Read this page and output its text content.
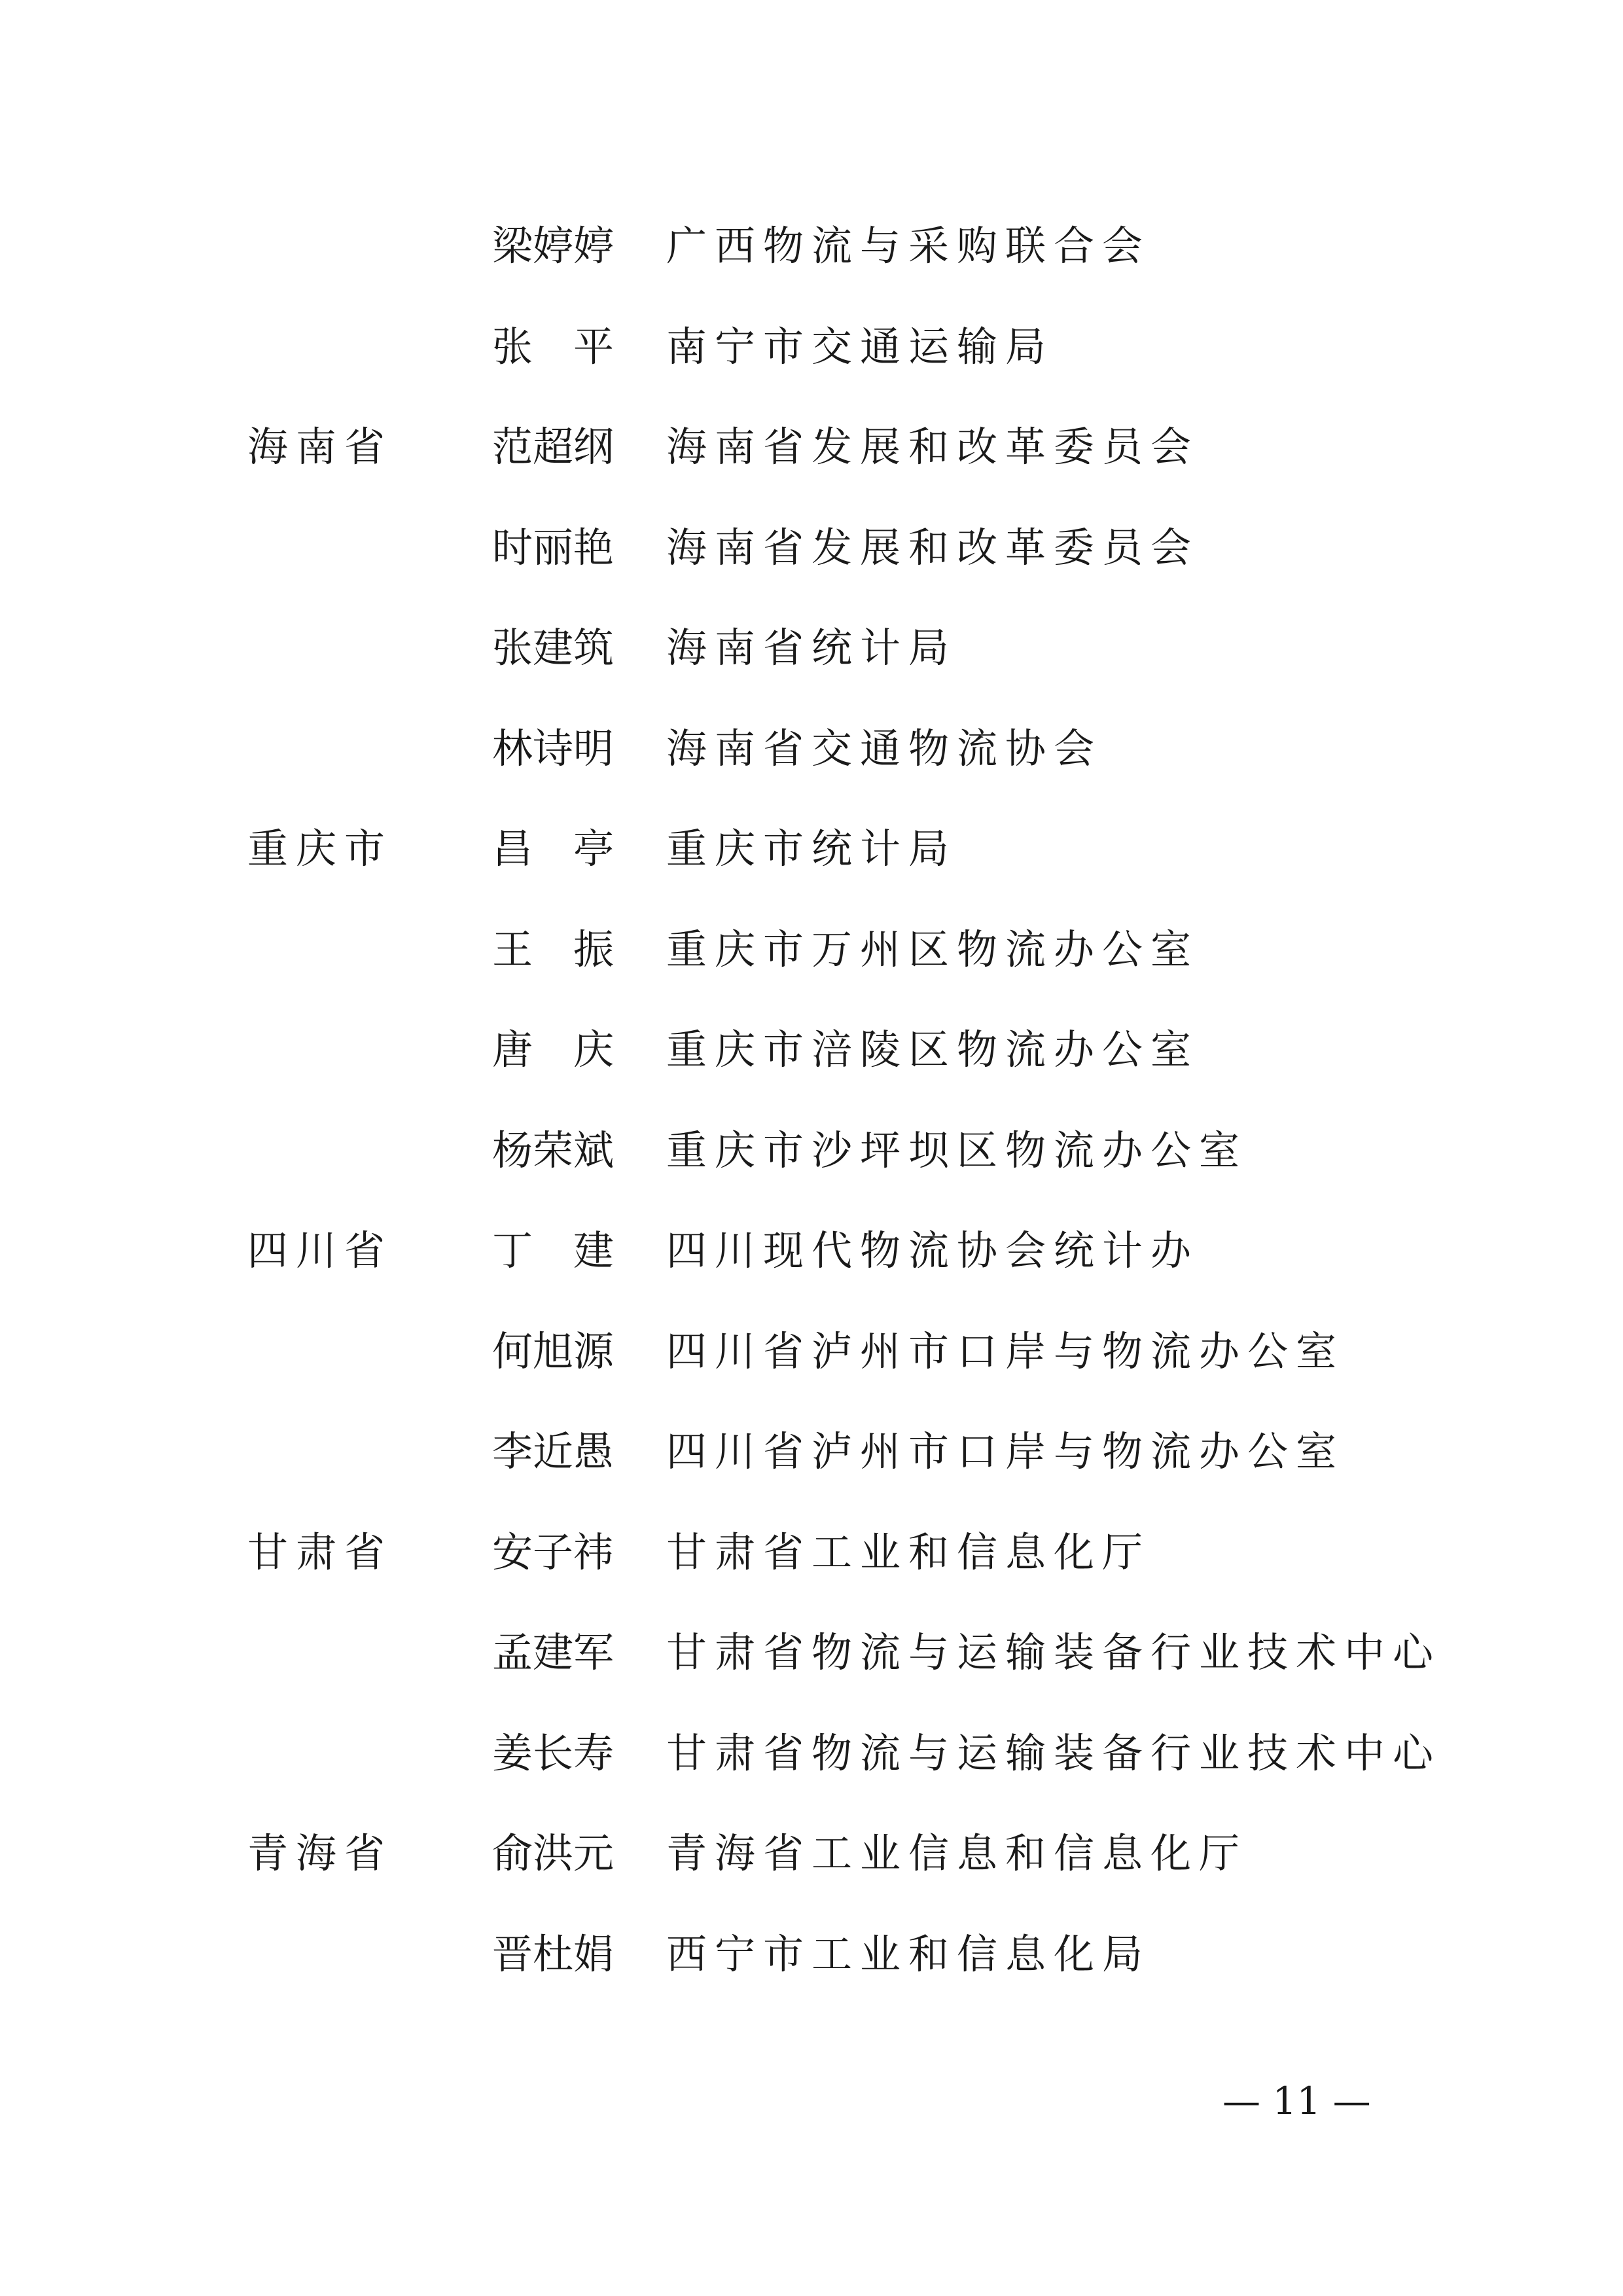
梁婷婷 广西物流与采购联合会
张　平 南宁市交通运输局
海南省 范超纲 海南省发展和改革委员会
时丽艳 海南省发展和改革委员会
张建筑 海南省统计局
林诗明 海南省交通物流协会
重庆市 昌　亭 重庆市统计局
王　振 重庆市万州区物流办公室
唐　庆 重庆市涪陵区物流办公室
杨荣斌 重庆市沙坪坝区物流办公室
四川省 丁　建 四川现代物流协会统计办
何旭源 四川省泸州市口岸与物流办公室
李近愚 四川省泸州市口岸与物流办公室
甘肃省 安子祎 甘肃省工业和信息化厅
孟建军 甘肃省物流与运输装备行业技术中心
姜长寿 甘肃省物流与运输装备行业技术中心
青海省 俞洪元 青海省工业信息和信息化厅
晋杜娟 西宁市工业和信息化局
— 11 —
